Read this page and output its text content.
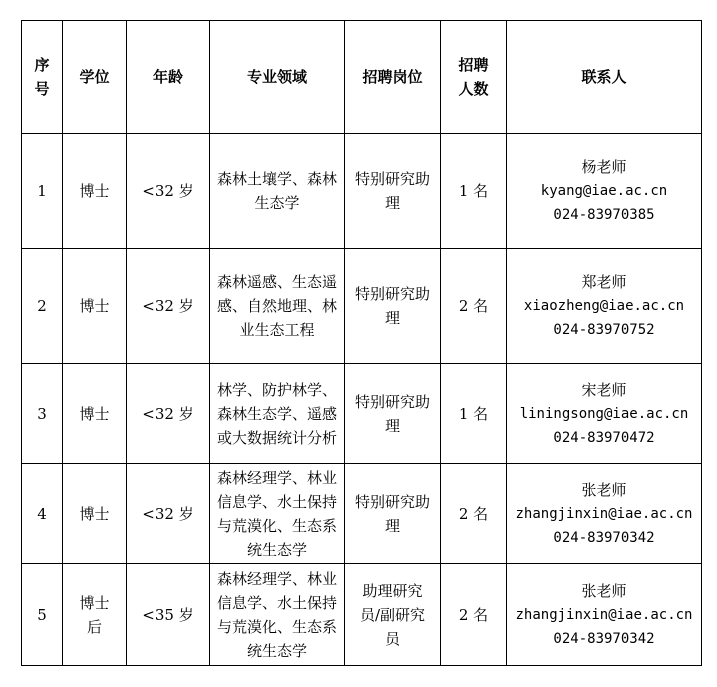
序号	学位	年龄	专业领域	招聘岗位	招聘人数	联系人
1	博士	<32 岁	森林土壤学、森林生态学	特别研究助理	1 名	杨老师
kyang@iae.ac.cn
024-83970385

2	博士	<32 岁	森林遥感、生态遥感、自然地理、林业生态工程	特别研究助理	2 名	郑老师
xiaozheng@iae.ac.cn
024-83970752

3	博士	<32 岁	林学、防护林学、森林生态学、遥感或大数据统计分析	特别研究助理	1 名	宋老师
liningsong@iae.ac.cn
024-83970472

4	博士	<32 岁	森林经理学、林业信息学、水土保持与荒漠化、生态系统生态学	特别研究助理	2 名	张老师
zhangjinxin@iae.ac.cn
024-83970342

5	博士后	<35 岁	森林经理学、林业信息学、水土保持与荒漠化、生态系统生态学	助理研究员/副研究员	2 名	张老师
zhangjinxin@iae.ac.cn
024-83970342
